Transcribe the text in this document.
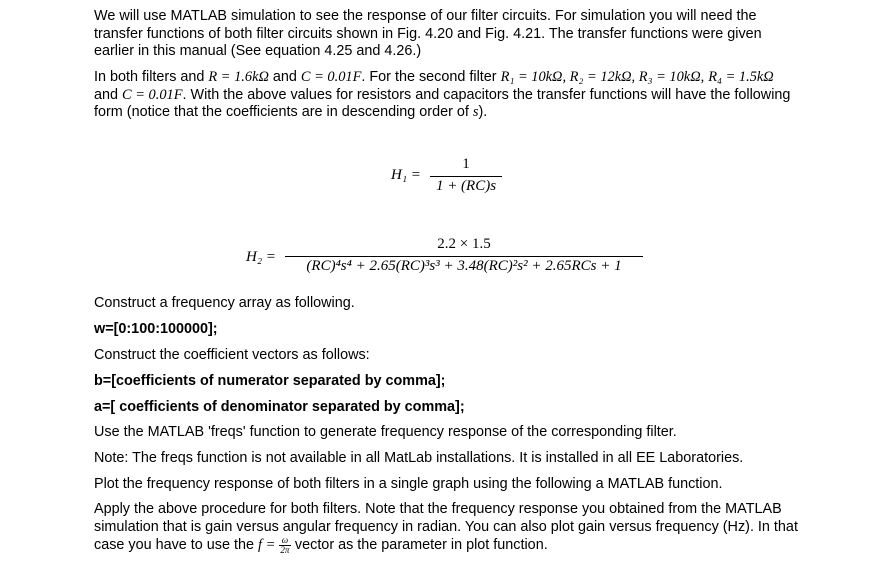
We will use MATLAB simulation to see the response of our filter circuits. For simulation you will need the transfer functions of both filter circuits shown in Fig. 4.20 and Fig. 4.21. The transfer functions were given earlier in this manual (See equation 4.25 and 4.26.)

In both filters and R = 1.6kΩ and C = 0.01F. For the second filter R₁ = 10kΩ, R₂ = 12kΩ, R₃ = 10kΩ, R₄ = 1.5kΩ and C = 0.01F. With the above values for resistors and capacitors the transfer functions will have the following form (notice that the coefficients are in descending order of s).

H₁ =
1
1 + (RC)s
H₂ =
2.2 × 1.5
(RC)⁴s⁴ + 2.65(RC)³s³ + 3.48(RC)²s² + 2.65RCs + 1
Construct a frequency array as following.
w=[0:100:100000];
Construct the coefficient vectors as follows:
b=[coefficients of numerator separated by comma];
a=[ coefficients of denominator separated by comma];
Use the MATLAB 'freqs' function to generate frequency response of the corresponding filter.
Note: The freqs function is not available in all MatLab installations. It is installed in all EE Laboratories.
Plot the frequency response of both filters in a single graph using the following a MATLAB function.

Apply the above procedure for both filters. Note that the frequency response you obtained from the MATLAB simulation that is gain versus angular frequency in radian. You can also plot gain versus frequency (Hz). In that case you have to use the $f = \frac{\omega}{2\pi}$ vector as the parameter in plot function.
